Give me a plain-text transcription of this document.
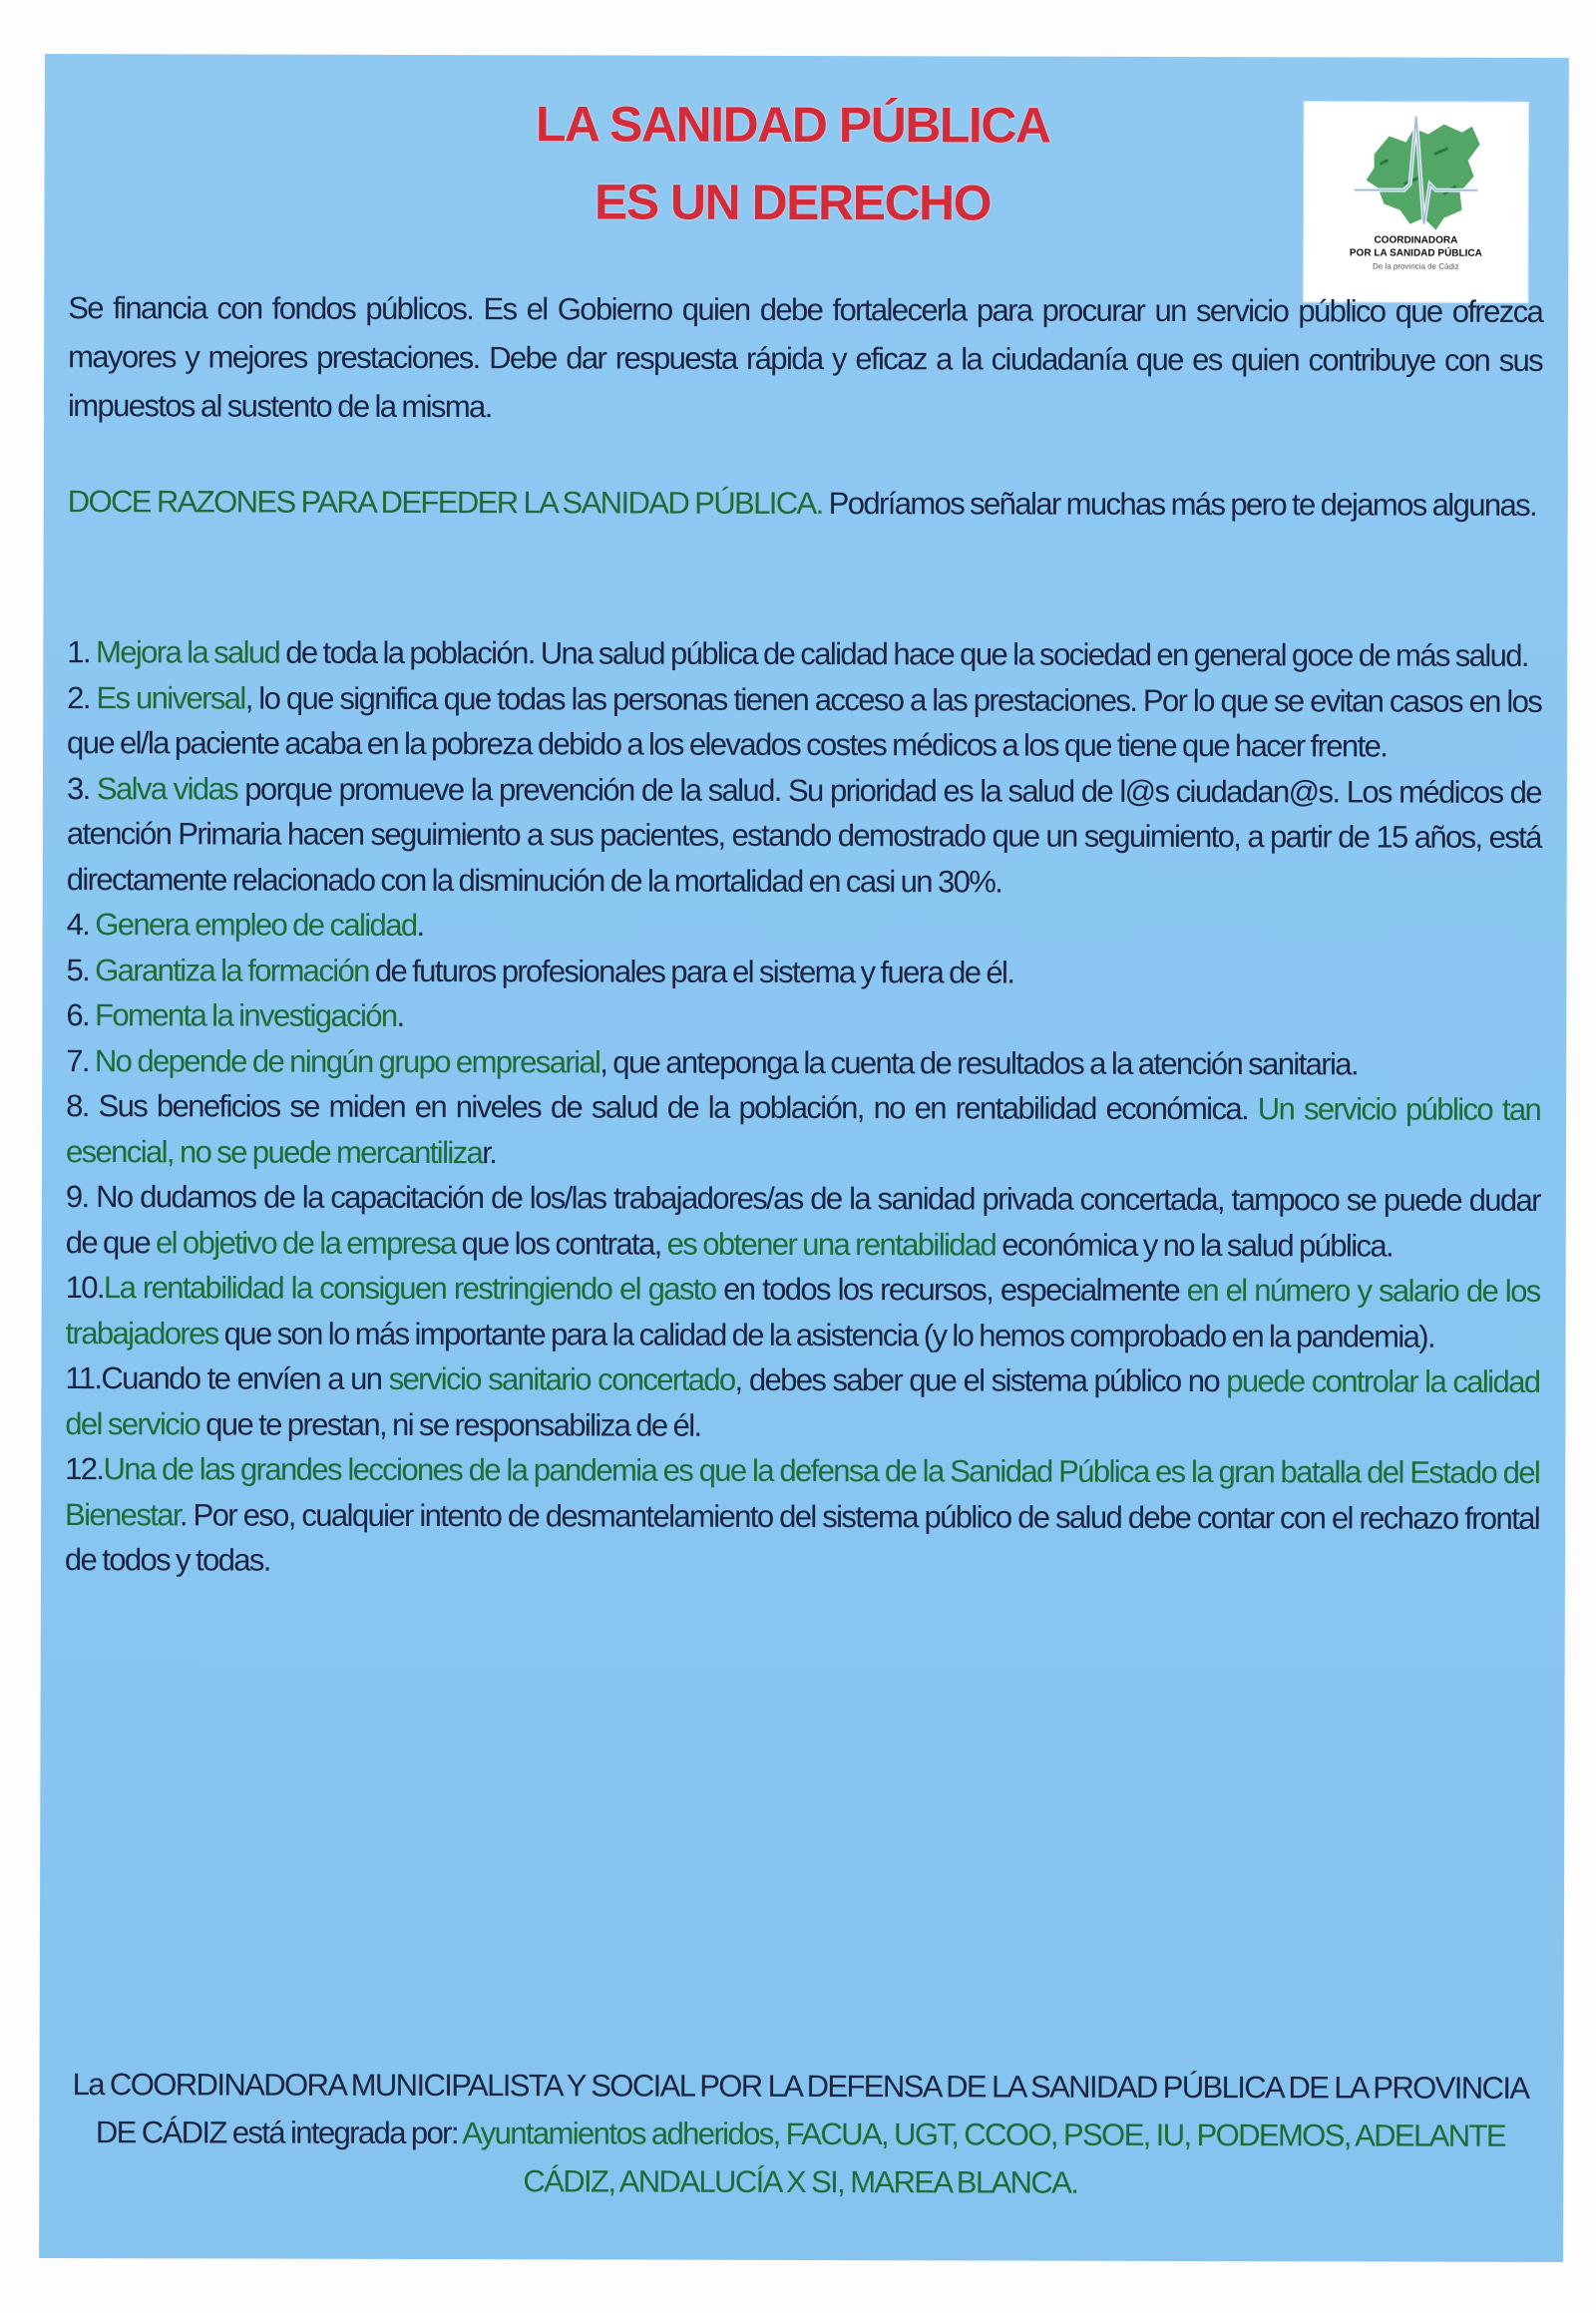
LA SANIDAD PÚBLICA
ES UN DERECHO
COORDINADORA
POR LA SANIDAD PÚBLICA
De la provincia de Cádiz
Se financia con fondos públicos. Es el Gobierno quien debe fortalecerla para procurar un servicio público que ofrezca mayores y mejores prestaciones. Debe dar respuesta rápida y eficaz a la ciudadanía que es quien contribuye con sus impuestos al sustento de la misma.
DOCE RAZONES PARA DEFEDER LA SANIDAD PÚBLICA. Podríamos señalar muchas más pero te dejamos algunas.
1. Mejora la salud de toda la población. Una salud pública de calidad hace que la sociedad en general goce de más salud.
2. Es universal, lo que significa que todas las personas tienen acceso a las prestaciones. Por lo que se evitan casos en los que el/la paciente acaba en la pobreza debido a los elevados costes médicos a los que tiene que hacer frente.
3. Salva vidas porque promueve la prevención de la salud. Su prioridad es la salud de l@s ciudadan@s. Los médicos de atención Primaria hacen seguimiento a sus pacientes, estando demostrado que un seguimiento, a partir de 15 años, está directamente relacionado con la disminución de la mortalidad en casi un 30%.
4. Genera empleo de calidad.
5. Garantiza la formación de futuros profesionales para el sistema y fuera de él.
6. Fomenta la investigación.
7. No depende de ningún grupo empresarial, que anteponga la cuenta de resultados a la atención sanitaria.
8. Sus beneficios se miden en niveles de salud de la población, no en rentabilidad económica. Un servicio público tan esencial, no se puede mercantilizar.
9. No dudamos de la capacitación de los/las trabajadores/as de la sanidad privada concertada, tampoco se puede dudar de que el objetivo de la empresa que los contrata, es obtener una rentabilidad económica y no la salud pública.
10.La rentabilidad la consiguen restringiendo el gasto en todos los recursos, especialmente en el número y salario de los trabajadores que son lo más importante para la calidad de la asistencia (y lo hemos comprobado en la pandemia).
11.Cuando te envíen a un servicio sanitario concertado, debes saber que el sistema público no puede controlar la calidad del servicio que te prestan, ni se responsabiliza de él.
12.Una de las grandes lecciones de la pandemia es que la defensa de la Sanidad Pública es la gran batalla del Estado del Bienestar. Por eso, cualquier intento de desmantelamiento del sistema público de salud debe contar con el rechazo frontal de todos y todas.
La COORDINADORA MUNICIPALISTA Y SOCIAL POR LA DEFENSA DE LA SANIDAD PÚBLICA DE LA PROVINCIA DE CÁDIZ está integrada por: Ayuntamientos adheridos, FACUA, UGT, CCOO, PSOE, IU, PODEMOS, ADELANTE CÁDIZ, ANDALUCÍA X SI, MAREA BLANCA.
